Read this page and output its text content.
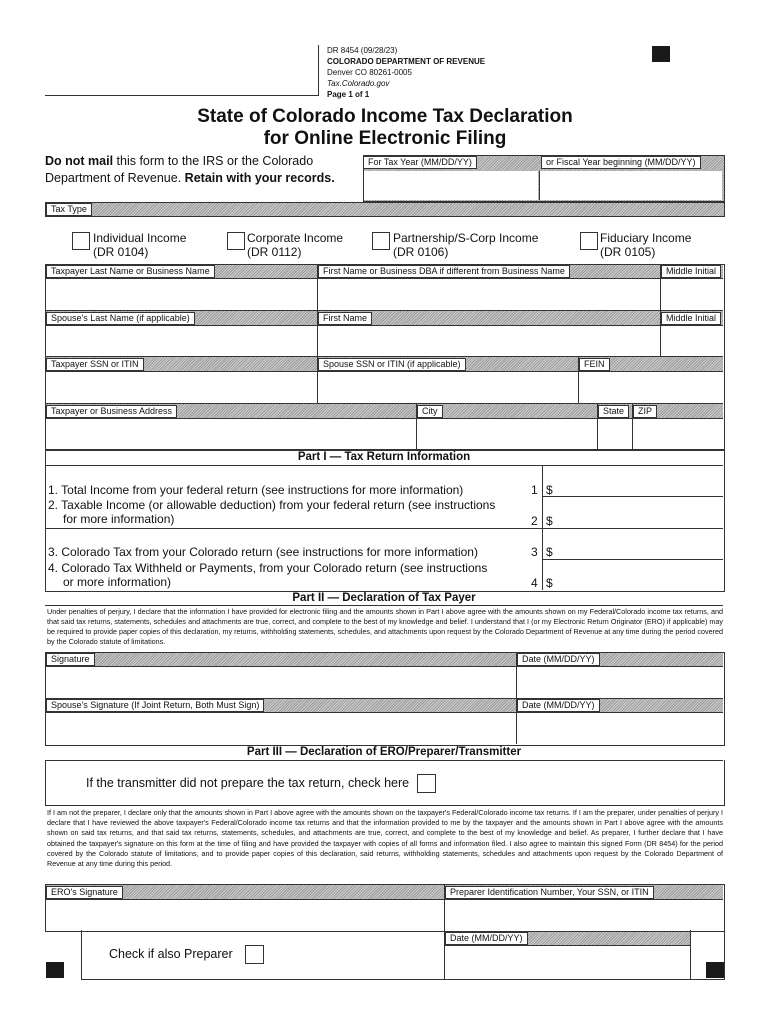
DR 8454 (09/28/23)
COLORADO DEPARTMENT OF REVENUE
Denver CO 80261-0005
Tax.Colorado.gov
Page 1 of 1
State of Colorado Income Tax Declaration
for Online Electronic Filing
Do not mail this form to the IRS or the Colorado
Department of Revenue. Retain with your records.
For Tax Year (MM/DD/YY)	or Fiscal Year beginning (MM/DD/YY)
Tax Type
Individual Income
(DR 0104)
Corporate Income
(DR 0112)
Partnership/S-Corp Income
(DR 0106)
Fiduciary Income
(DR 0105)
Taxpayer Last Name or Business Name	First Name or Business DBA if different from Business Name	Middle Initial
Spouse's Last Name (if applicable)	First Name	Middle Initial
Taxpayer SSN or ITIN	Spouse SSN or ITIN (if applicable)	FEIN
Taxpayer or Business Address	City	State	ZIP
Part I — Tax Return Information
1. Total Income from your federal return (see instructions for more information)	1 $
2. Taxable Income (or allowable deduction) from your federal return (see instructions
for more information)	2 $
3. Colorado Tax from your Colorado return (see instructions for more information)	3 $
4. Colorado Tax Withheld or Payments, from your Colorado return (see instructions
or more information)	4 $
Part II — Declaration of Tax Payer
Under penalties of perjury, I declare that the information I have provided for electronic filing and the amounts shown in Part I above agree with the amounts shown on my Federal/Colorado income tax returns, and that said tax returns, statements, schedules and attachments are true, correct, and complete to the best of my knowledge and belief. I understand that I (or my Electronic Return Originator (ERO) if applicable) may be required to provide paper copies of this declaration, my returns, withholding statements, schedules, and attachments upon request by the Colorado Department of Revenue at any time during the period covered by the Colorado statute of limitations.
Signature	Date (MM/DD/YY)
Spouse's Signature (If Joint Return, Both Must Sign)	Date (MM/DD/YY)
Part III — Declaration of ERO/Preparer/Transmitter
If the transmitter did not prepare the tax return, check here
If I am not the preparer, I declare only that the amounts shown in Part I above agree with the amounts shown on the taxpayer's Federal/Colorado income tax returns. If I am the preparer, under penalties of perjury I declare that I have reviewed the above taxpayer's Federal/Colorado income tax returns and that the information provided to me by the taxpayer and the amounts shown in Part I above agree with the amounts shown on said tax returns, and that said tax returns, statements, schedules, and attachments are true, correct, and complete to the best of my knowledge and belief. As preparer, I further declare that I have obtained the taxpayer's signature on this form at the time of filing and have provided the taxpayer with copies of all forms and information filed. I also agree to maintain this signed Form (DR 8454) for the period covered by the Colorado statute of limitations, and to provide paper copies of this declaration, said returns, withholding statements, schedules and attachments upon request by the Colorado Department of Revenue at any time during this period.
ERO's Signature	Preparer Identification Number, Your SSN, or ITIN
Date (MM/DD/YY)
Check if also Preparer
